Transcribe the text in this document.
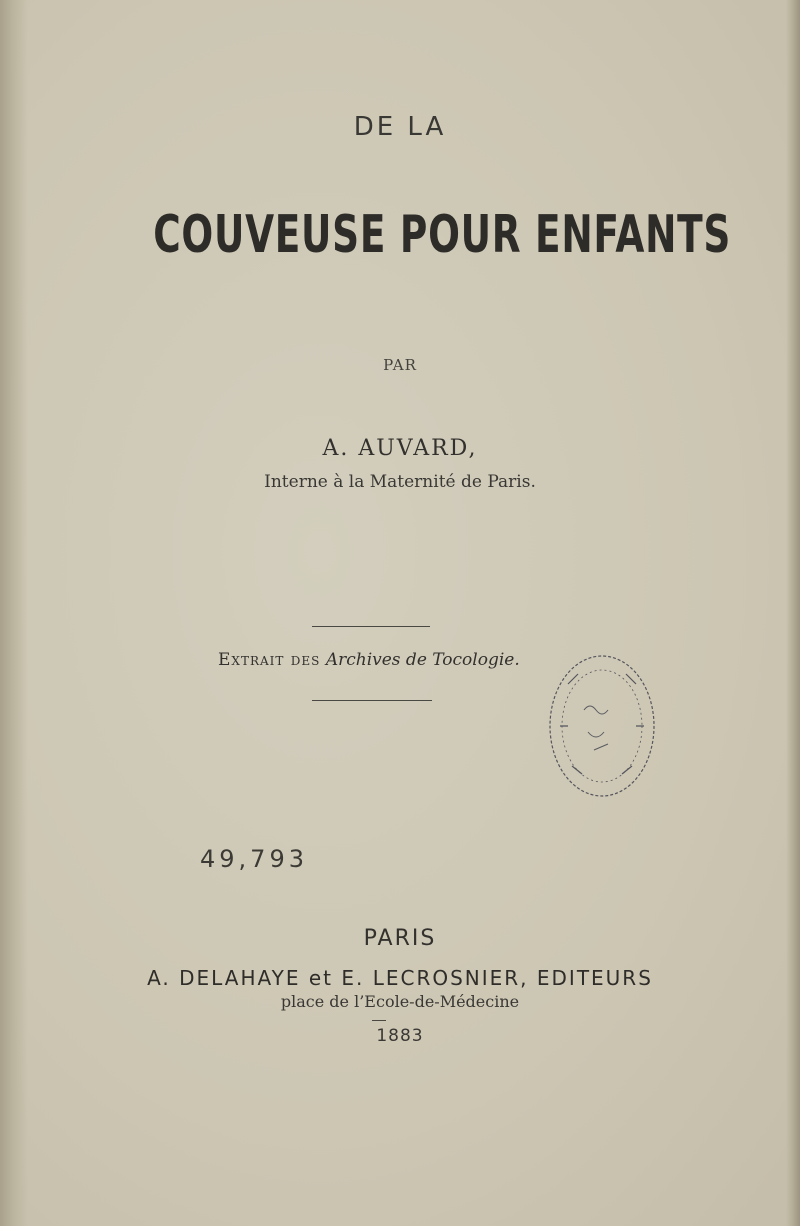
DE LA
COUVEUSE POUR ENFANTS
PAR
A. AUVARD,
Interne à la Maternité de Paris.
Extrait des Archives de Tocologie.
49,793
PARIS
A. DELAHAYE et E. LECROSNIER, EDITEURS
place de l’Ecole-de-Médecine
1883
